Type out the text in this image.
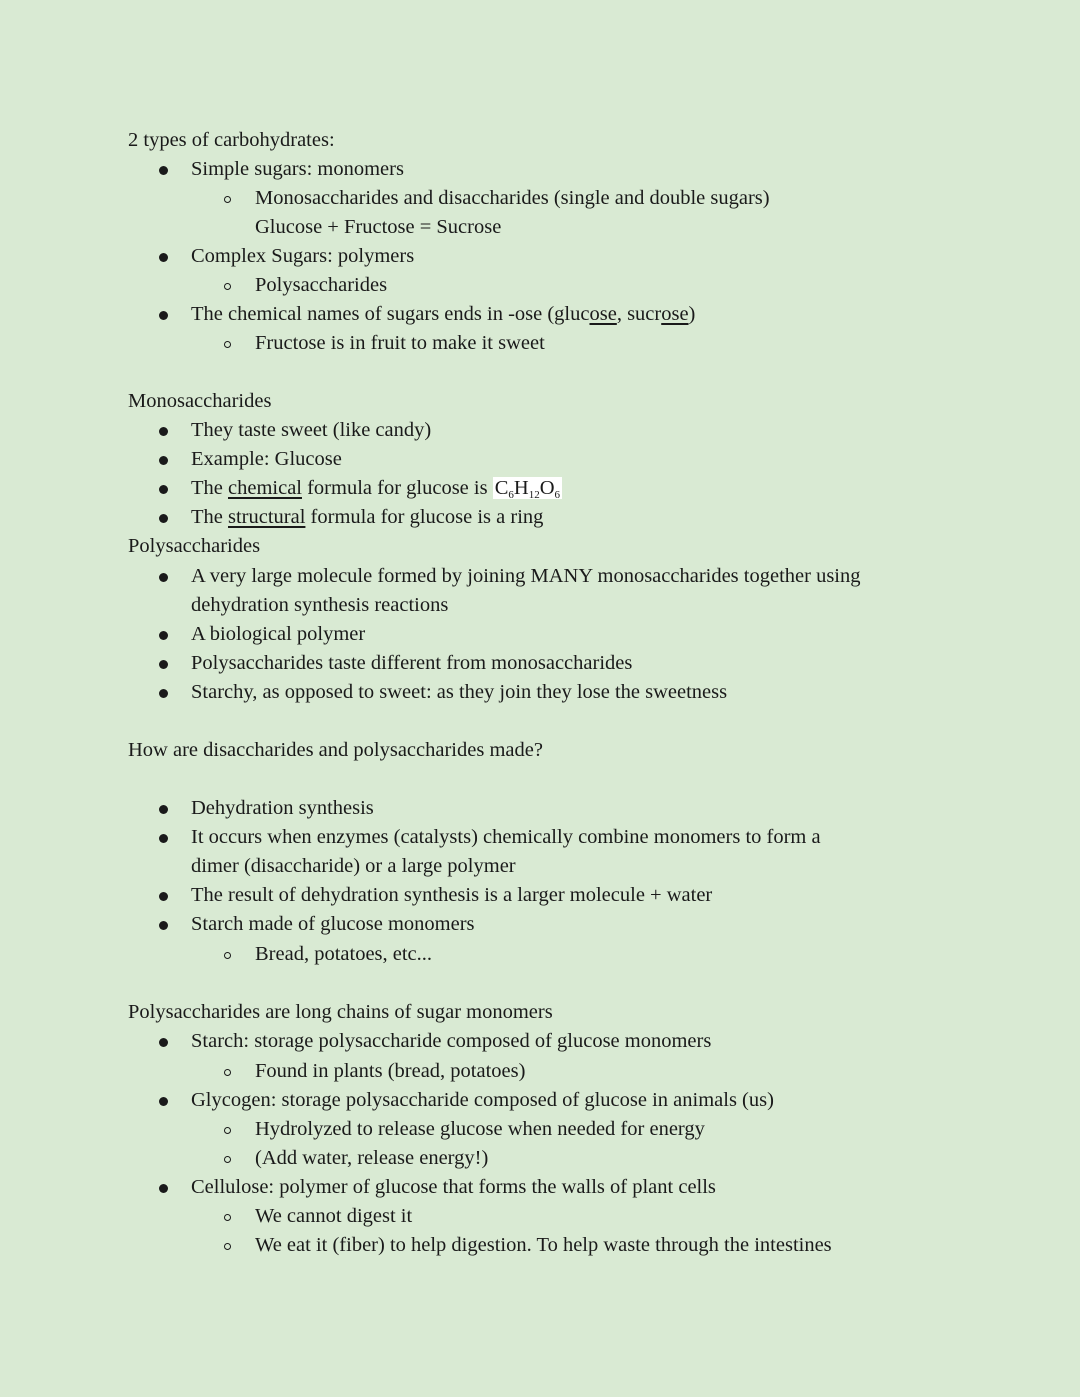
2 types of carbohydrates:
Simple sugars: monomers
Monosaccharides and disaccharides (single and double sugars)
Glucose + Fructose = Sucrose
Complex Sugars: polymers
Polysaccharides
The chemical names of sugars ends in -ose (glucose, sucrose)
Fructose is in fruit to make it sweet
Monosaccharides
They taste sweet (like candy)
Example: Glucose
The chemical formula for glucose is $C_6H_{12}O_6$
The structural formula for glucose is a ring
Polysaccharides
A very large molecule formed by joining MANY monosaccharides together using
dehydration synthesis reactions
A biological polymer
Polysaccharides taste different from monosaccharides
Starchy, as opposed to sweet: as they join they lose the sweetness
How are disaccharides and polysaccharides made?
Dehydration synthesis
It occurs when enzymes (catalysts) chemically combine monomers to form a
dimer (disaccharide) or a large polymer
The result of dehydration synthesis is a larger molecule + water
Starch made of glucose monomers
Bread, potatoes, etc...
Polysaccharides are long chains of sugar monomers
Starch: storage polysaccharide composed of glucose monomers
Found in plants (bread, potatoes)
Glycogen: storage polysaccharide composed of glucose in animals (us)
Hydrolyzed to release glucose when needed for energy
(Add water, release energy!)
Cellulose: polymer of glucose that forms the walls of plant cells
We cannot digest it
We eat it (fiber) to help digestion. To help waste through the intestines
